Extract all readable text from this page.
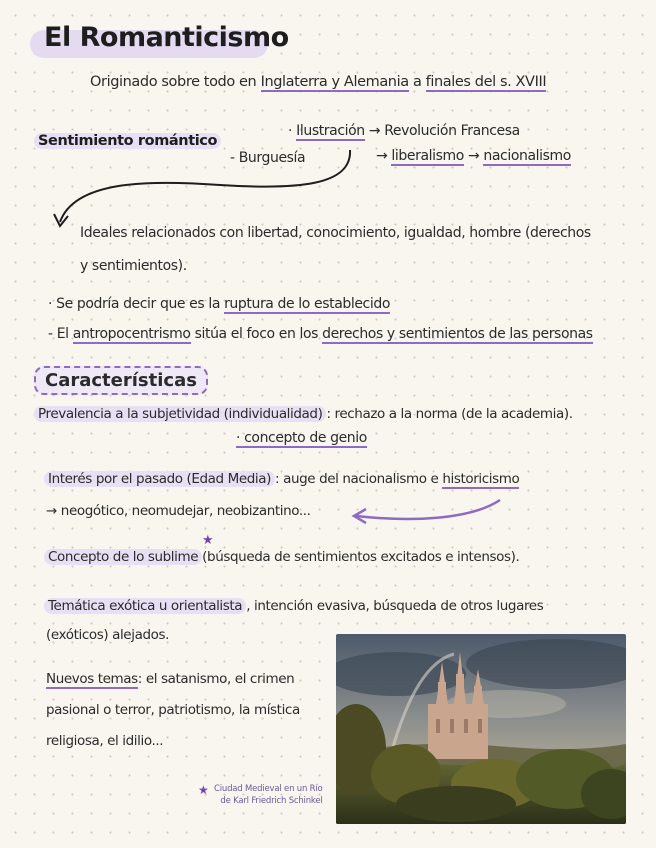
El Romanticismo
Originado sobre todo en Inglaterra y Alemania a finales del s. XVIII
Sentimiento romántico
- Burguesía
· Ilustración → Revolución Francesa
→ liberalismo → nacionalismo
Ideales relacionados con libertad, conocimiento, igualdad, hombre (derechos
y sentimientos).
· Se podría decir que es la ruptura de lo establecido
- El antropocentrismo sitúa el foco en los derechos y sentimientos de las personas
Características
Prevalencia a la subjetividad (individualidad) : rechazo a la norma (de la academia).
· concepto de genio
Interés por el pasado (Edad Media) : auge del nacionalismo e historicismo
→ neogótico, neomudejar, neobizantino...
Concepto de lo sublime (búsqueda de sentimientos excitados e intensos).
★
Temática exótica u orientalista , intención evasiva, búsqueda de otros lugares
(exóticos) alejados.
Nuevos temas: el satanismo, el crimen
pasional o terror, patriotismo, la mística
religiosa, el idilio...
★ Ciudad Medieval en un Río
de Karl Friedrich Schinkel
